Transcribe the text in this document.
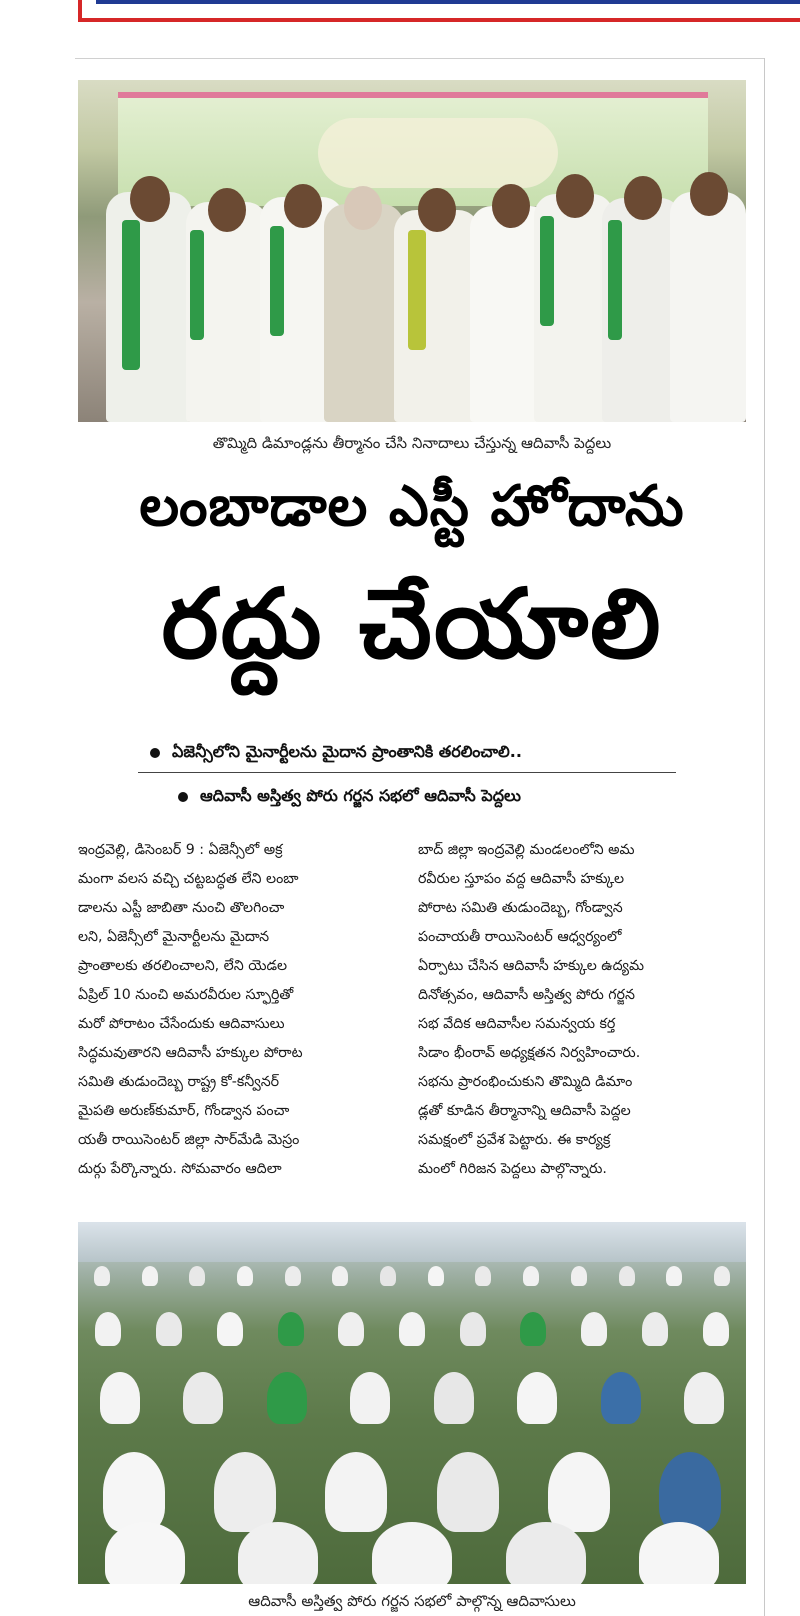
తొమ్మిది డిమాండ్లను తీర్మానం చేసి నినాదాలు చేస్తున్న ఆదివాసీ పెద్దలు
లంబాడాల ఎస్టీ హోదాను
రద్దు చేయాలి
ఏజెన్సీలోని మైనార్టీలను మైదాన ప్రాంతానికి తరలించాలి..
ఆదివాసీ అస్తిత్వ పోరు గర్జన సభలో ఆదివాసీ పెద్దలు
ఇంద్రవెల్లి, డిసెంబర్ 9 : ఏజెన్సీలో అక్ర
మంగా వలస వచ్చి చట్టబద్ధత లేని లంబా
డాలను ఎస్టీ జాబితా నుంచి తొలగించా
లని, ఏజెన్సీలో మైనార్టీలను మైదాన
ప్రాంతాలకు తరలించాలని, లేని యెడల
ఏప్రిల్ 10 నుంచి అమరవీరుల స్ఫూర్తితో
మరో పోరాటం చేసేందుకు ఆదివాసులు
సిద్ధమవుతారని ఆదివాసీ హక్కుల పోరాట
సమితి తుడుందెబ్బ రాష్ట్ర కో-కన్వీనర్
మైపతి అరుణ్‌కుమార్, గోండ్వాన పంచా
యతీ రాయిసెంటర్ జిల్లా సార్‌మేడి మెస్రం
దుర్గు పేర్కొన్నారు. సోమవారం ఆదిలా
బాద్ జిల్లా ఇంద్రవెల్లి మండలంలోని అమ
రవీరుల స్తూపం వద్ద ఆదివాసీ హక్కుల
పోరాట సమితి తుడుందెబ్బ, గోండ్వాన
పంచాయతీ రాయిసెంటర్ ఆధ్వర్యంలో
ఏర్పాటు చేసిన ఆదివాసీ హక్కుల ఉద్యమ
దినోత్సవం, ఆదివాసీ అస్తిత్వ పోరు గర్జన
సభ వేదిక ఆదివాసీల సమన్వయ కర్త
సిడాం భీంరావ్ అధ్యక్షతన నిర్వహించారు.
సభను ప్రారంభించుకుని తొమ్మిది డిమాం
డ్లతో కూడిన తీర్మానాన్ని ఆదివాసీ పెద్దల
సమక్షంలో ప్రవేశ పెట్టారు. ఈ కార్యక్ర
మంలో గిరిజన పెద్దలు పాల్గొన్నారు.
ఆదివాసీ అస్తిత్వ పోరు గర్జన సభలో పాల్గొన్న ఆదివాసులు
